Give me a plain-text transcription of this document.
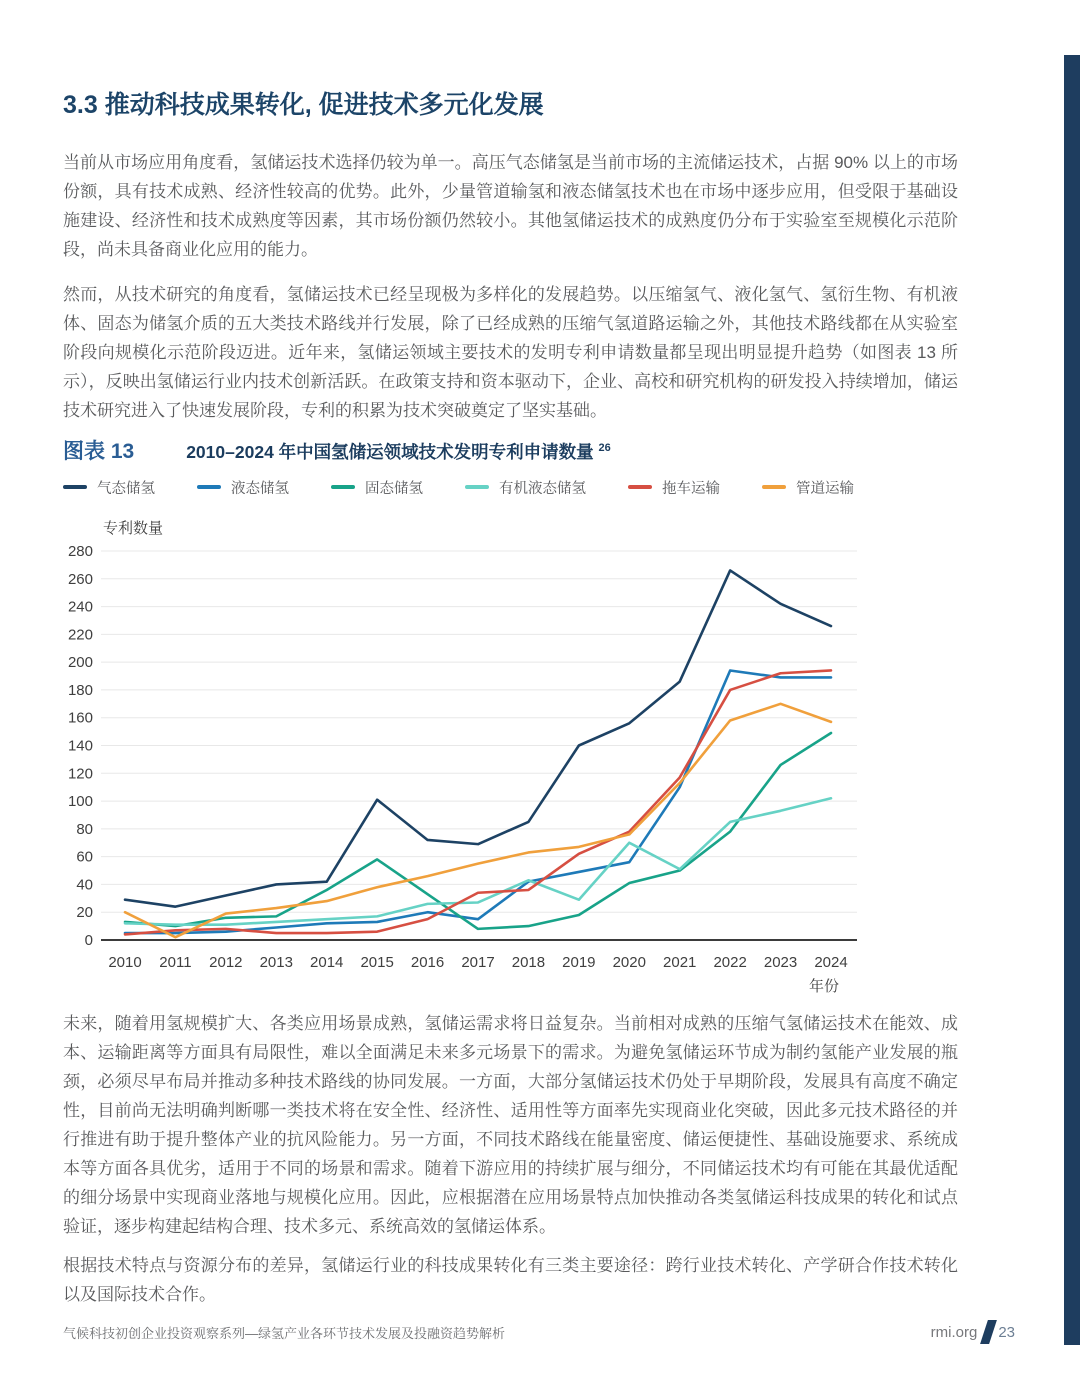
3.3 推动科技成果转化, 促进技术多元化发展

当前从市场应用角度看，氢储运技术选择仍较为单一。高压气态储氢是当前市场的主流储运技术，占据 90% 以上的市场份额，具有技术成熟、经济性较高的优势。此外，少量管道输氢和液态储氢技术也在市场中逐步应用，但受限于基础设施建设、经济性和技术成熟度等因素，其市场份额仍然较小。其他氢储运技术的成熟度仍分布于实验室至规模化示范阶段，尚未具备商业化应用的能力。

然而，从技术研究的角度看，氢储运技术已经呈现极为多样化的发展趋势。以压缩氢气、液化氢气、氢衍生物、有机液体、固态为储氢介质的五大类技术路线并行发展，除了已经成熟的压缩气氢道路运输之外，其他技术路线都在从实验室阶段向规模化示范阶段迈进。近年来，氢储运领域主要技术的发明专利申请数量都呈现出明显提升趋势（如图表 13 所示），反映出氢储运行业内技术创新活跃。在政策支持和资本驱动下，企业、高校和研究机构的研发投入持续增加，储运技术研究进入了快速发展阶段，专利的积累为技术突破奠定了坚实基础。

图表 13	2010–2024 年中国氢储运领域技术发明专利申请数量 $^{26}$
气态储氢	液态储氢	固态储氢	有机液态储氢	拖车运输	管道运输
专利数量
0
20
40
60
80
100
120
140
160
180
200
220
240
260
280
2010 2011 2012 2013 2014 2015 2016 2017 2018 2019 2020 2021 2022 2023 2024
年份

未来，随着用氢规模扩大、各类应用场景成熟，氢储运需求将日益复杂。当前相对成熟的压缩气氢储运技术在能效、成本、运输距离等方面具有局限性，难以全面满足未来多元场景下的需求。为避免氢储运环节成为制约氢能产业发展的瓶颈，必须尽早布局并推动多种技术路线的协同发展。一方面，大部分氢储运技术仍处于早期阶段，发展具有高度不确定性，目前尚无法明确判断哪一类技术将在安全性、经济性、适用性等方面率先实现商业化突破，因此多元技术路径的并行推进有助于提升整体产业的抗风险能力。另一方面，不同技术路线在能量密度、储运便捷性、基础设施要求、系统成本等方面各具优劣，适用于不同的场景和需求。随着下游应用的持续扩展与细分，不同储运技术均有可能在其最优适配的细分场景中实现商业落地与规模化应用。因此，应根据潜在应用场景特点加快推动各类氢储运科技成果的转化和试点验证，逐步构建起结构合理、技术多元、系统高效的氢储运体系。

根据技术特点与资源分布的差异，氢储运行业的科技成果转化有三类主要途径：跨行业技术转化、产学研合作技术转化以及国际技术合作。

气候科技初创企业投资观察系列—绿氢产业各环节技术发展及投融资趋势解析	rmi.org 23
